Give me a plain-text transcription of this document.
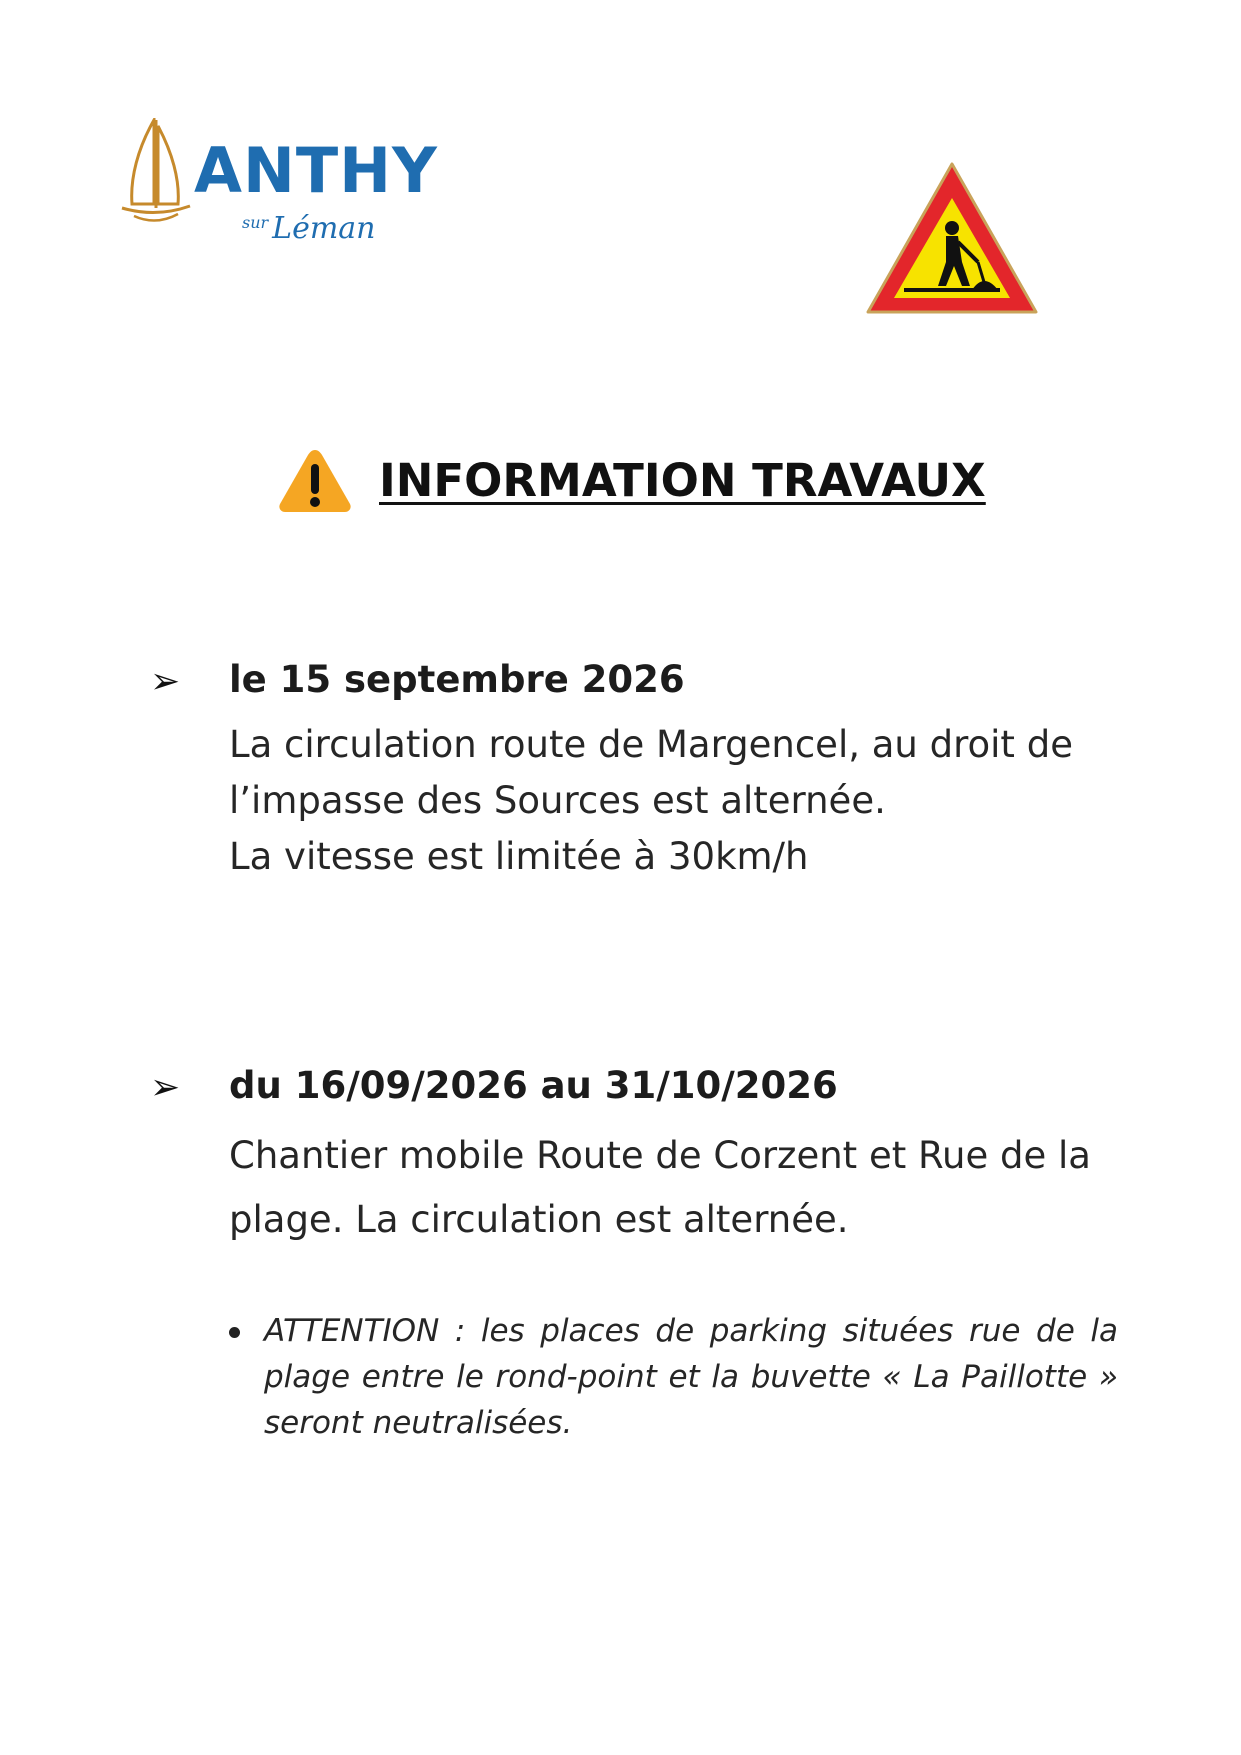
ANTHY
$^{sur}$ Léman
INFORMATION TRAVAUX
➢ le 15 septembre 2026
La circulation route de Margencel, au droit de
l’impasse des Sources est alternée.
La vitesse est limitée à 30km/h
➢ du 16/09/2026 au 31/10/2026
Chantier mobile Route de Corzent et Rue de la
plage. La circulation est alternée.
ATTENTION : les places de parking situées rue de la plage entre le rond-point et la buvette « La Paillotte » seront neutralisées.
